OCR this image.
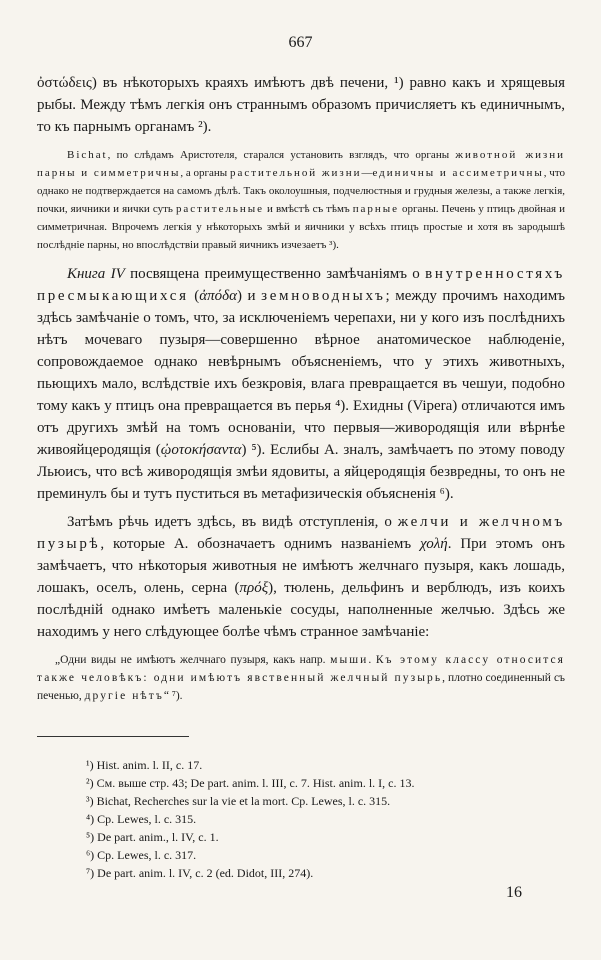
667

ὀστώδεις) въ нѣкоторыхъ краяхъ имѣютъ двѣ печени, ¹) равно какъ и хрящевыя рыбы. Между тѣмъ легкія онъ страннымъ образомъ причисляетъ къ единичнымъ, то къ парнымъ органамъ ²).

Bichat, по слѣдамъ Аристотеля, старался установить взглядъ, что органы животной жизни парны и симметричны, а органы растительной жизни—единичны и ассиметричны, что однако не подтверждается на самомъ дѣлѣ. Такъ околоушныя, подчелюстныя и грудныя железы, а также легкія, почки, яичники и яички суть растительные и вмѣстѣ съ тѣмъ парные органы. Печень у птицъ двойная и симметричная. Впрочемъ легкія у нѣкоторыхъ змѣй и яичники у всѣхъ птицъ простые и хотя въ зародышѣ послѣдніе парны, но впослѣдствіи правый яичникъ изчезаетъ ³).

Книга IV посвящена преимущественно замѣчаніямъ о внутренностяхъ пресмыкающихся (ἀπόδα) и земноводныхъ; между прочимъ находимъ здѣсь замѣчаніе о томъ, что, за исключеніемъ черепахи, ни у кого изъ послѣднихъ нѣтъ мочеваго пузыря—совершенно вѣрное анатомическое наблюденіе, сопровождаемое однако невѣрнымъ объясненіемъ, что у этихъ животныхъ, пьющихъ мало, вслѣдствіе ихъ безкровія, влага превращается въ чешуи, подобно тому какъ у птицъ она превращается въ перья ⁴). Ехидны (Vipera) отличаются имъ отъ другихъ змѣй на томъ основаніи, что первыя—живородящія или вѣрнѣе живояйцеродящія (ᾠοτοκήσαντα) ⁵). Еслибы А. зналъ, замѣчаетъ по этому поводу Льюисъ, что всѣ живородящія змѣи ядовиты, а яйцеродящія безвредны, то онъ не преминулъ бы и тутъ пуститься въ метафизическія объясненія ⁶).

Затѣмъ рѣчь идетъ здѣсь, въ видѣ отступленія, о желчи и желчномъ пузырѣ, которые А. обозначаетъ однимъ названіемъ χολή. При этомъ онъ замѣчаетъ, что нѣкоторыя животныя не имѣютъ желчнаго пузыря, какъ лошадь, лошакъ, оселъ, олень, серна (πρόξ), тюлень, дельфинъ и верблюдъ, изъ коихъ послѣдній однако имѣетъ маленькіе сосуды, наполненные желчью. Здѣсь же находимъ у него слѣдующее болѣе чѣмъ странное замѣчаніе:

„Одни виды не имѣютъ желчнаго пузыря, какъ напр. мыши. Къ этому классу относится также человѣкъ: одни имѣютъ явственный желчный пузырь, плотно соединенный съ печенью, другіе нѣтъ“ ⁷).

¹) Hist. anim. l. II, c. 17.
²) См. выше стр. 43; De part. anim. l. III, c. 7. Hist. anim. l. I, c. 13.
³) Bichat, Recherches sur la vie et la mort. Cp. Lewes, l. c. 315.
⁴) Cp. Lewes, l. c. 315.
⁵) De part. anim., l. IV, c. 1.
⁶) Cp. Lewes, l. c. 317.
⁷) De part. anim. l. IV, c. 2 (ed. Didot, III, 274).
16
